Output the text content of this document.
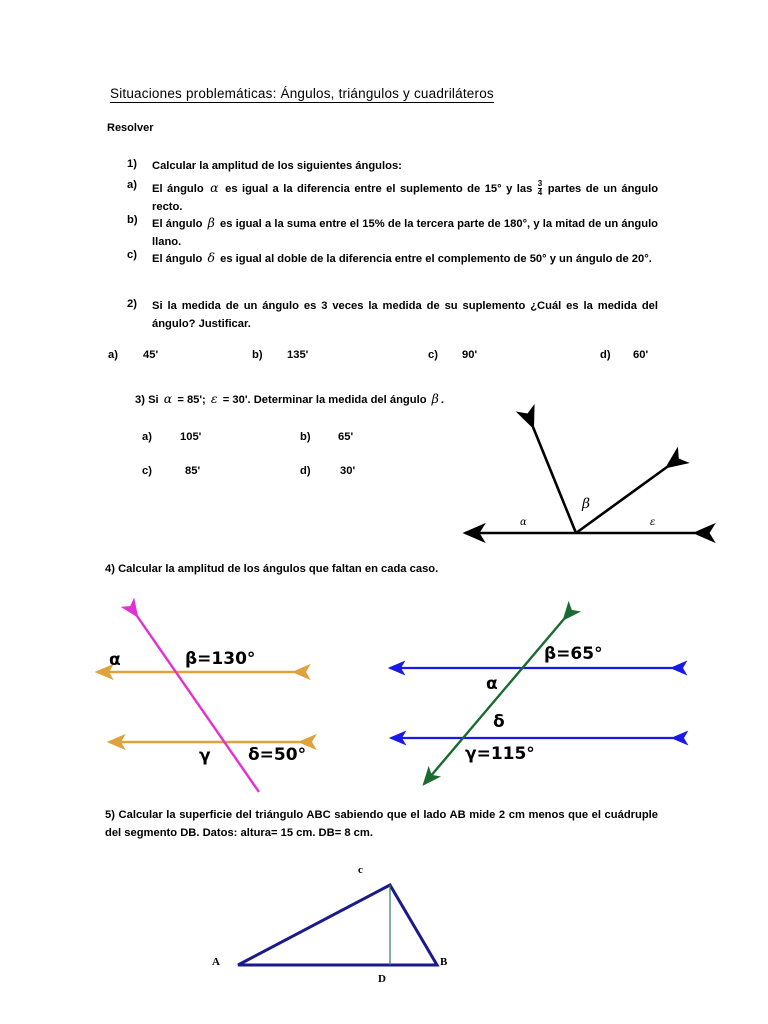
Situaciones problemáticas: Ángulos, triángulos y cuadriláteros
Resolver
1) Calcular la amplitud de los siguientes ángulos:
a) El ángulo α es igual a la diferencia entre el suplemento de 15° y las $\frac{3}{4}$ partes de un ángulo recto.
b) El ángulo β es igual a la suma entre el 15% de la tercera parte de 180°, y la mitad de un ángulo llano.
c) El ángulo δ es igual al doble de la diferencia entre el complemento de 50° y un ángulo de 20°.
2) Si la medida de un ángulo es 3 veces la medida de su suplemento ¿Cuál es la medida del ángulo? Justificar.
a) 45'	b) 135'	c) 90'	d) 60'
3) Si α = 85'; ε = 30'. Determinar la medida del ángulo β .
a)	105'	b) 65'
c)	85'	d)	30'
α
β
ε
4) Calcular la amplitud de los ángulos que faltan en cada caso.
α	β=130°
γ δ=50°
β=65°
α
δ
γ=115°
5) Calcular la superficie del triángulo ABC sabiendo que el lado AB mide 2 cm menos que el cuádruple del segmento DB. Datos: altura= 15 cm. DB= 8 cm.
A	B
c
D
